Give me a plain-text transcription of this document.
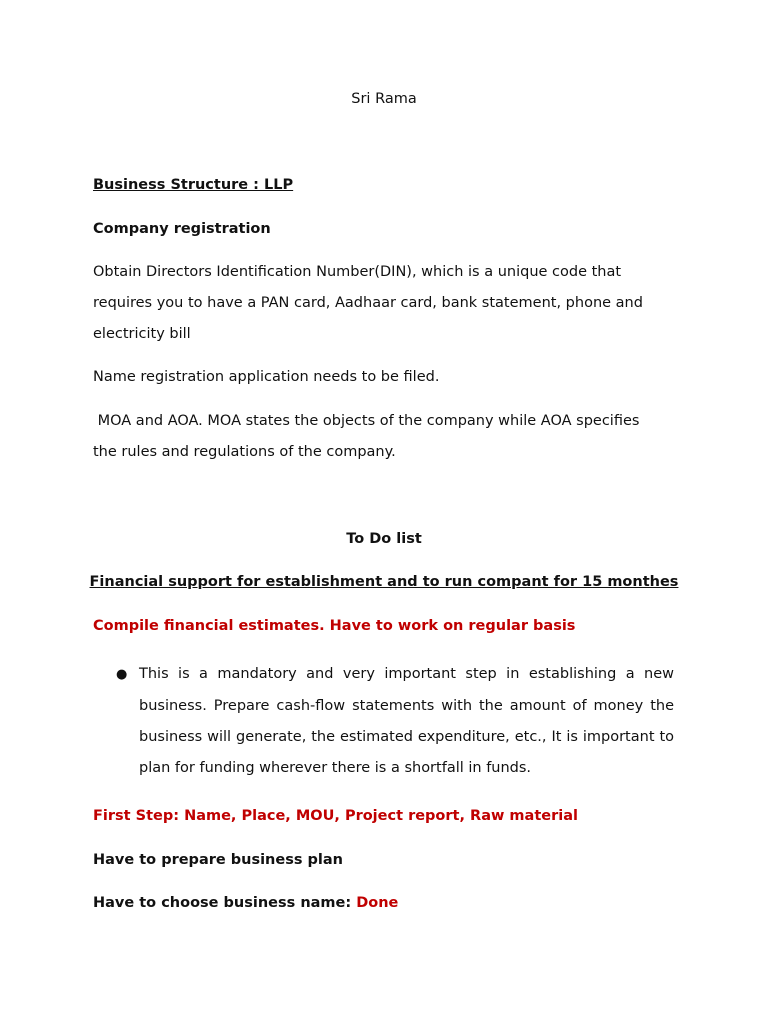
Sri Rama
Business Structure : LLP
Company registration
Obtain Directors Identification Number(DIN), which is a unique code that
requires you to have a PAN card, Aadhaar card, bank statement, phone and
electricity bill
Name registration application needs to be filed.
MOA and AOA. MOA states the objects of the company while AOA specifies
the rules and regulations of the company.
To Do list
Financial support for establishment and to run compant for 15 monthes
Compile financial estimates. Have to work on regular basis
● This is a mandatory and very important step in establishing a new
business. Prepare cash-flow statements with the amount of money the
business will generate, the estimated expenditure, etc., It is important to
plan for funding wherever there is a shortfall in funds.
First Step: Name, Place, MOU, Project report, Raw material
Have to prepare business plan
Have to choose business name: Done
